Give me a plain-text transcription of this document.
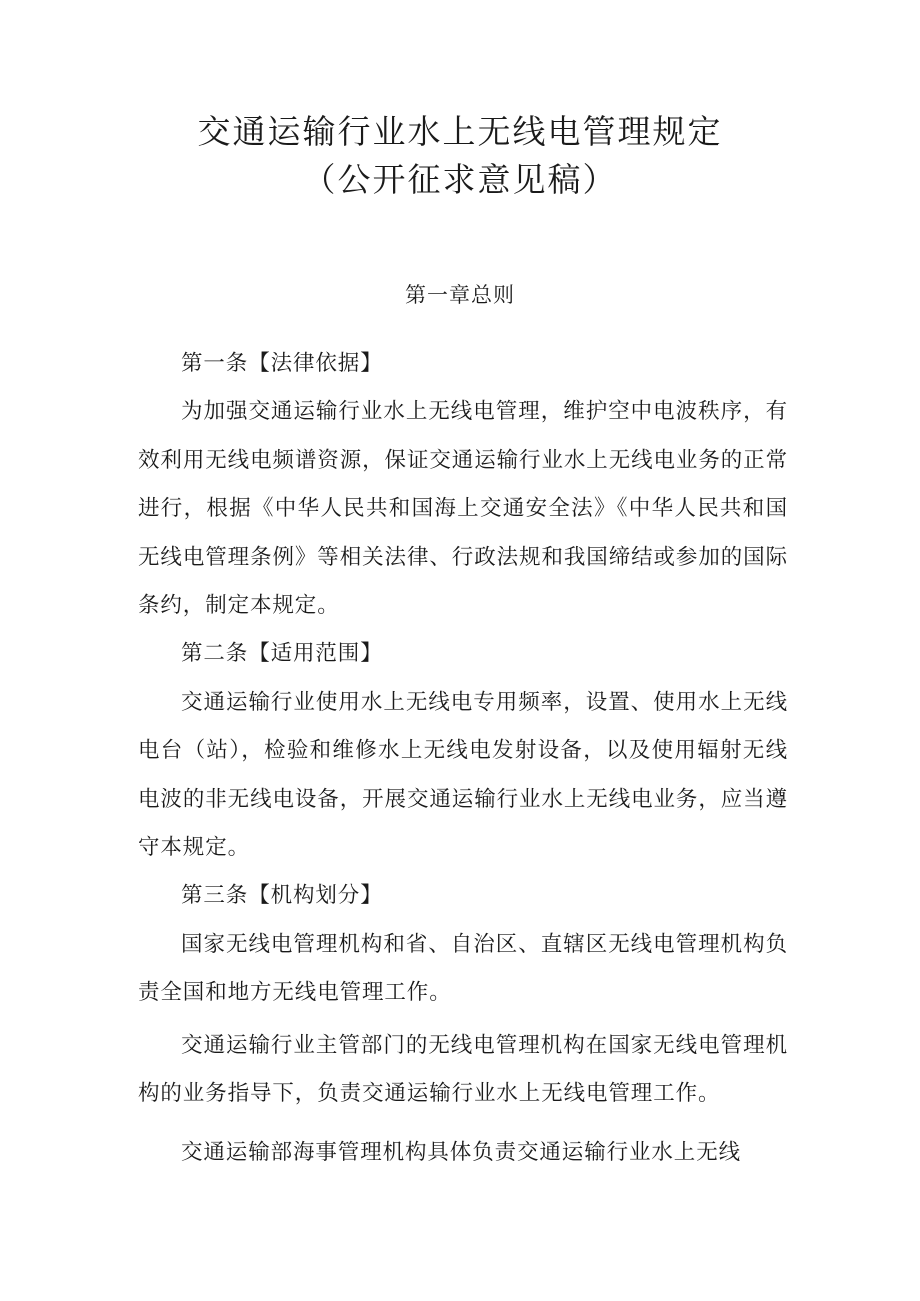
交通运输行业水上无线电管理规定

（公开征求意见稿）

第一章总则

第一条【法律依据】

为加强交通运输行业水上无线电管理，维护空中电波秩序，有效利用无线电频谱资源，保证交通运输行业水上无线电业务的正常进行，根据《中华人民共和国海上交通安全法》《中华人民共和国无线电管理条例》等相关法律、行政法规和我国缔结或参加的国际条约，制定本规定。

第二条【适用范围】

交通运输行业使用水上无线电专用频率，设置、使用水上无线电台（站），检验和维修水上无线电发射设备，以及使用辐射无线电波的非无线电设备，开展交通运输行业水上无线电业务，应当遵守本规定。

第三条【机构划分】

国家无线电管理机构和省、自治区、直辖区无线电管理机构负责全国和地方无线电管理工作。

交通运输行业主管部门的无线电管理机构在国家无线电管理机构的业务指导下，负责交通运输行业水上无线电管理工作。

交通运输部海事管理机构具体负责交通运输行业水上无线
